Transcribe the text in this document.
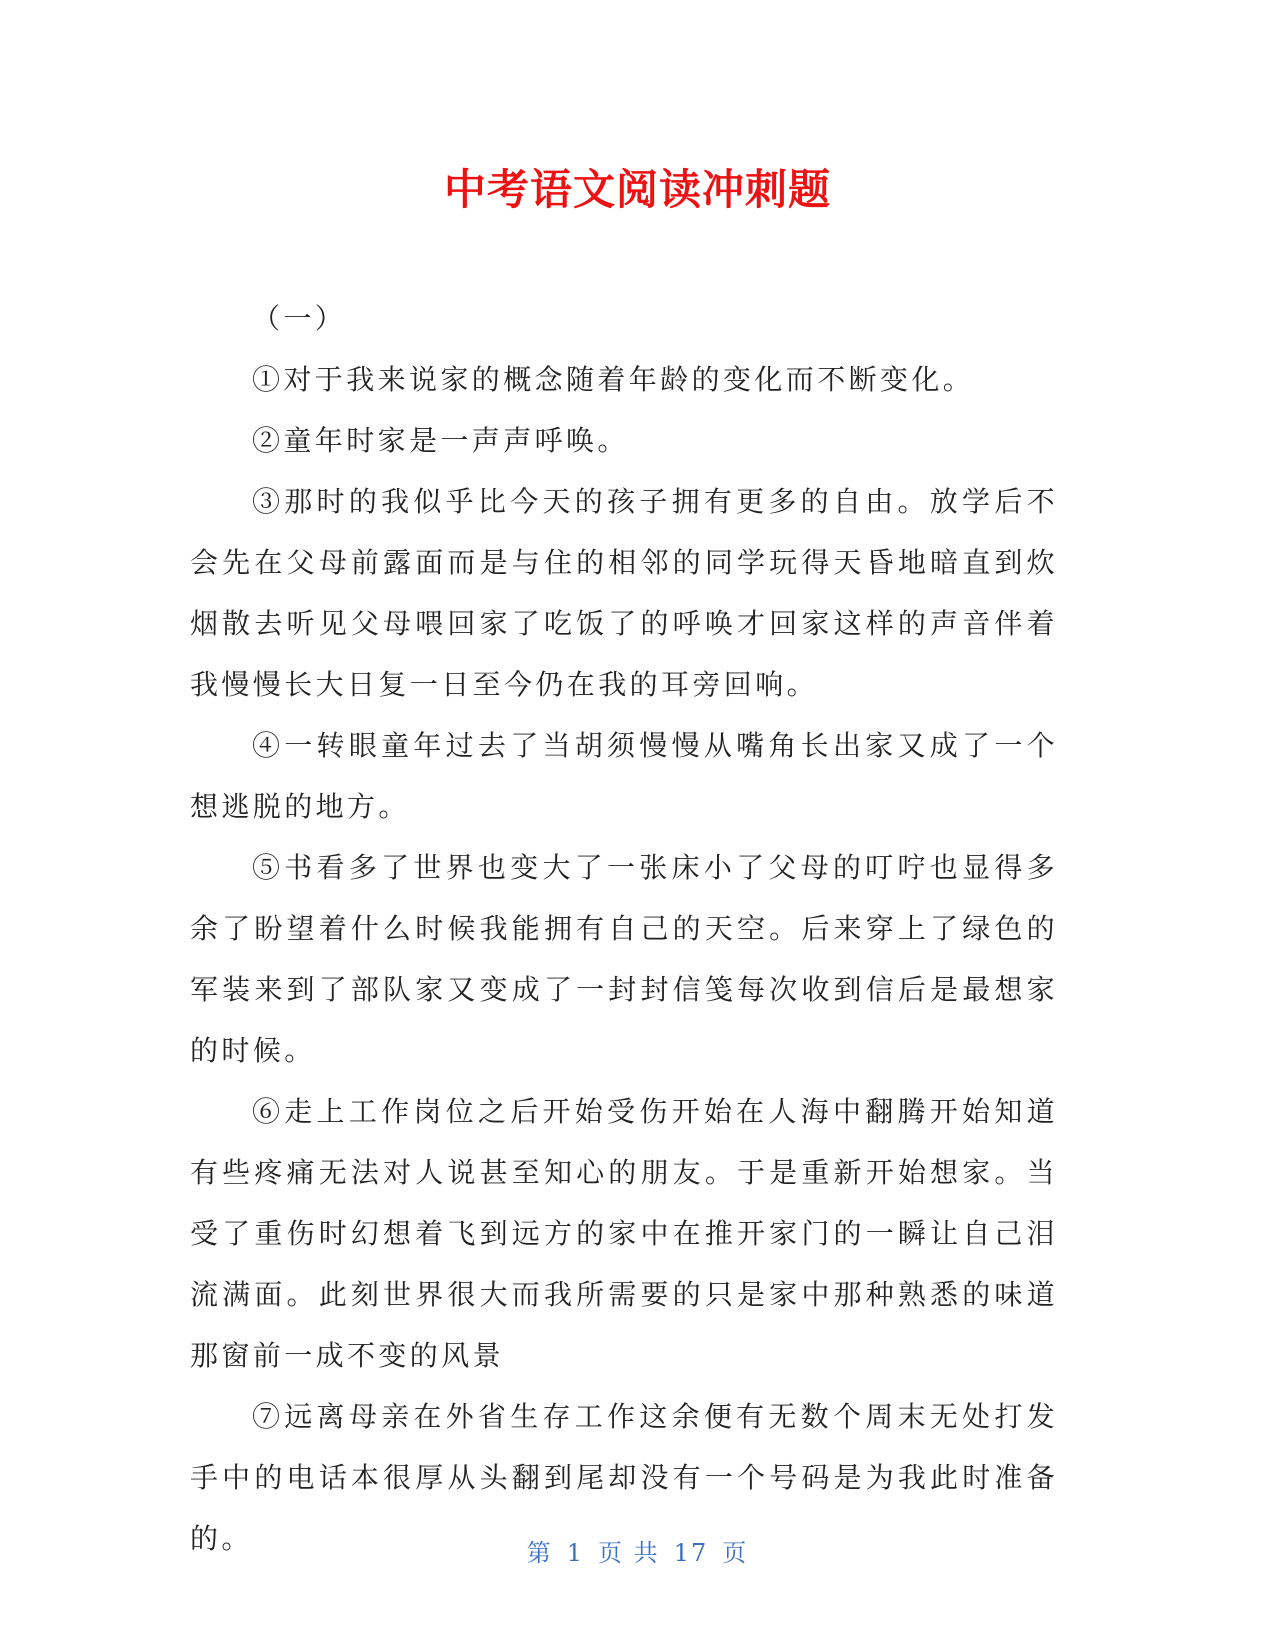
中考语文阅读冲刺题

（一）

①对于我来说家的概念随着年龄的变化而不断变化。

②童年时家是一声声呼唤。

③那时的我似乎比今天的孩子拥有更多的自由。放学后不会先在父母前露面而是与住的相邻的同学玩得天昏地暗直到炊烟散去听见父母喂回家了吃饭了的呼唤才回家这样的声音伴着我慢慢长大日复一日至今仍在我的耳旁回响。

④一转眼童年过去了当胡须慢慢从嘴角长出家又成了一个想逃脱的地方。

⑤书看多了世界也变大了一张床小了父母的叮咛也显得多余了盼望着什么时候我能拥有自己的天空。后来穿上了绿色的军装来到了部队家又变成了一封封信笺每次收到信后是最想家的时候。

⑥走上工作岗位之后开始受伤开始在人海中翻腾开始知道有些疼痛无法对人说甚至知心的朋友。于是重新开始想家。当受了重伤时幻想着飞到远方的家中在推开家门的一瞬让自己泪流满面。此刻世界很大而我所需要的只是家中那种熟悉的味道那窗前一成不变的风景

⑦远离母亲在外省生存工作这余便有无数个周末无处打发手中的电话本很厚从头翻到尾却没有一个号码是为我此时准备的。	第 1 页 共 17 页
